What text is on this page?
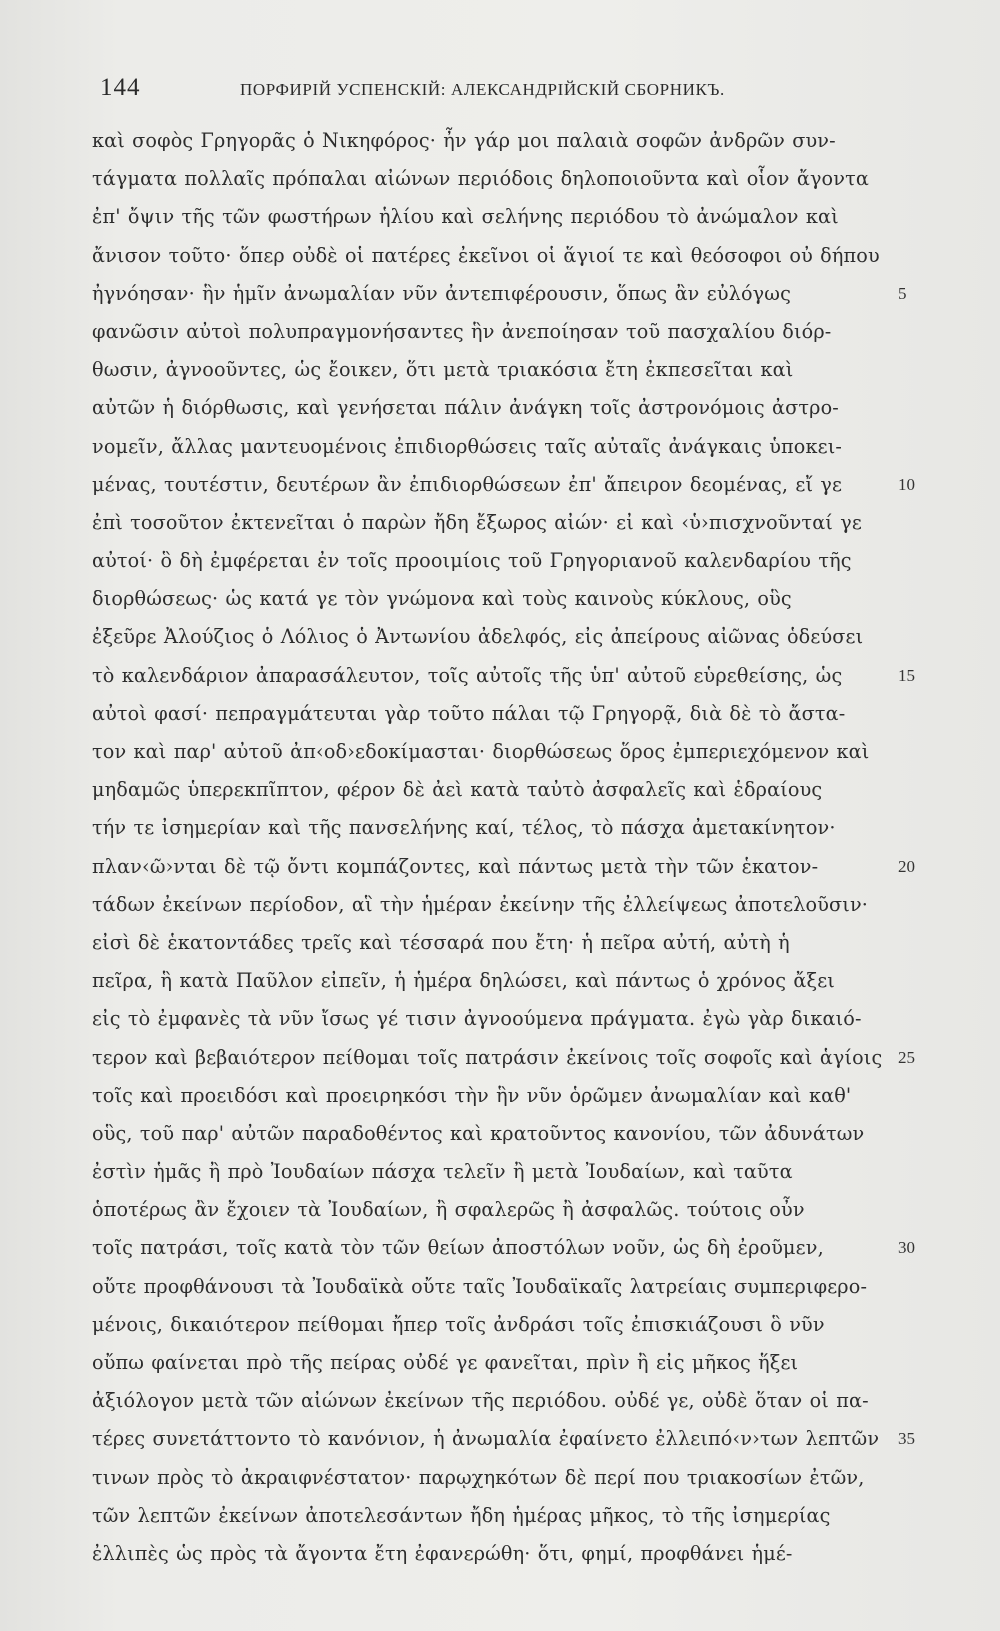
144	ПОРФИРІЙ УСПЕНСКІЙ: АЛЕКСАНДРІЙСКІЙ СБОРНИКЪ.
καὶ σοφὸς Γρηγορᾶς ὁ Νικηφόρος· ἦν γάρ μοι παλαιὰ σοφῶν ἀνδρῶν συν-
τάγματα πολλαῖς πρόπαλαι αἰώνων περιόδοις δηλοποιοῦντα καὶ οἷον ἄγοντα
ἐπ' ὄψιν τῆς τῶν φωστήρων ἡλίου καὶ σελήνης περιόδου τὸ ἀνώμαλον καὶ
ἄνισον τοῦτο· ὅπερ οὐδὲ οἱ πατέρες ἐκεῖνοι οἱ ἅγιοί τε καὶ θεόσοφοι οὐ δήπου
ἠγνόησαν· ἣν ἡμῖν ἀνωμαλίαν νῦν ἀντεπιφέρουσιν, ὅπως ἂν εὐλόγως	5
φανῶσιν αὐτοὶ πολυπραγμονήσαντες ἣν ἀνεποίησαν τοῦ πασχαλίου διόρ-
θωσιν, ἀγνοοῦντες, ὡς ἔοικεν, ὅτι μετὰ τριακόσια ἔτη ἐκπεσεῖται καὶ
αὐτῶν ἡ διόρθωσις, καὶ γενήσεται πάλιν ἀνάγκη τοῖς ἀστρονόμοις ἀστρο-
νομεῖν, ἄλλας μαντευομένοις ἐπιδιορθώσεις ταῖς αὐταῖς ἀνάγκαις ὑποκει-
μένας, τουτέστιν, δευτέρων ἂν ἐπιδιορθώσεων ἐπ' ἄπειρον δεομένας, εἴ γε	10
ἐπὶ τοσοῦτον ἐκτενεῖται ὁ παρὼν ἤδη ἔξωρος αἰών· εἰ καὶ ‹ὑ›πισχνοῦνταί γε
αὐτοί· ὃ δὴ ἐμφέρεται ἐν τοῖς προοιμίοις τοῦ Γρηγοριανοῦ καλενδαρίου τῆς
διορθώσεως· ὡς κατά γε τὸν γνώμονα καὶ τοὺς καινοὺς κύκλους, οὓς
ἐξεῦρε Ἀλούζιος ὁ Λόλιος ὁ Ἀντωνίου ἀδελφός, εἰς ἀπείρους αἰῶνας ὁδεύσει
τὸ καλενδάριον ἀπαρασάλευτον, τοῖς αὐτοῖς τῆς ὑπ' αὐτοῦ εὑρεθείσης, ὡς	15
αὐτοὶ φασί· πεπραγμάτευται γὰρ τοῦτο πάλαι τῷ Γρηγορᾷ, διὰ δὲ τὸ ἄστα-
τον καὶ παρ' αὐτοῦ ἀπ‹οδ›εδοκίμασται· διορθώσεως ὅρος ἐμπεριεχόμενον καὶ
μηδαμῶς ὑπερεκπῖπτον, φέρον δὲ ἀεὶ κατὰ ταὐτὸ ἀσφαλεῖς καὶ ἑδραίους
τήν τε ἰσημερίαν καὶ τῆς πανσελήνης καί, τέλος, τὸ πάσχα ἀμετακίνητον·
πλαν‹ῶ›νται δὲ τῷ ὄντι κομπάζοντες, καὶ πάντως μετὰ τὴν τῶν ἑκατον-	20
τάδων ἐκείνων περίοδον, αἳ τὴν ἡμέραν ἐκείνην τῆς ἐλλείψεως ἀποτελοῦσιν·
εἰσὶ δὲ ἑκατοντάδες τρεῖς καὶ τέσσαρά που ἔτη· ἡ πεῖρα αὐτή, αὐτὴ ἡ
πεῖρα, ἣ κατὰ Παῦλον εἰπεῖν, ἡ ἡμέρα δηλώσει, καὶ πάντως ὁ χρόνος ἄξει
εἰς τὸ ἐμφανὲς τὰ νῦν ἴσως γέ τισιν ἀγνοούμενα πράγματα. ἐγὼ γὰρ δικαιό-
τερον καὶ βεβαιότερον πείθομαι τοῖς πατράσιν ἐκείνοις τοῖς σοφοῖς καὶ ἁγίοις 25
τοῖς καὶ προειδόσι καὶ προειρηκόσι τὴν ἣν νῦν ὁρῶμεν ἀνωμαλίαν καὶ καθ'
οὓς, τοῦ παρ' αὐτῶν παραδοθέντος καὶ κρατοῦντος κανονίου, τῶν ἀδυνάτων
ἐστὶν ἡμᾶς ἢ πρὸ Ἰουδαίων πάσχα τελεῖν ἢ μετὰ Ἰουδαίων, καὶ ταῦτα
ὁποτέρως ἂν ἔχοιεν τὰ Ἰουδαίων, ἢ σφαλερῶς ἢ ἀσφαλῶς. τούτοις οὖν
τοῖς πατράσι, τοῖς κατὰ τὸν τῶν θείων ἀποστόλων νοῦν, ὡς δὴ ἐροῦμεν,	30
οὔτε προφθάνουσι τὰ Ἰουδαϊκὰ οὔτε ταῖς Ἰουδαϊκαῖς λατρείαις συμπεριφερο-
μένοις, δικαιότερον πείθομαι ἤπερ τοῖς ἀνδράσι τοῖς ἐπισκιάζουσι ὃ νῦν
οὔπω φαίνεται πρὸ τῆς πείρας οὐδέ γε φανεῖται, πρὶν ἢ εἰς μῆκος ἥξει
ἀξιόλογον μετὰ τῶν αἰώνων ἐκείνων τῆς περιόδου. οὐδέ γε, οὐδὲ ὅταν οἱ πα-
τέρες συνετάττοντο τὸ κανόνιον, ἡ ἀνωμαλία ἐφαίνετο ἐλλειπό‹ν›των λεπτῶν 35
τινων πρὸς τὸ ἀκραιφνέστατον· παρῳχηκότων δὲ περί που τριακοσίων ἐτῶν,
τῶν λεπτῶν ἐκείνων ἀποτελεσάντων ἤδη ἡμέρας μῆκος, τὸ τῆς ἰσημερίας
ἐλλιπὲς ὡς πρὸς τὰ ἄγοντα ἔτη ἐφανερώθη· ὅτι, φημί, προφθάνει ἡμέ-
